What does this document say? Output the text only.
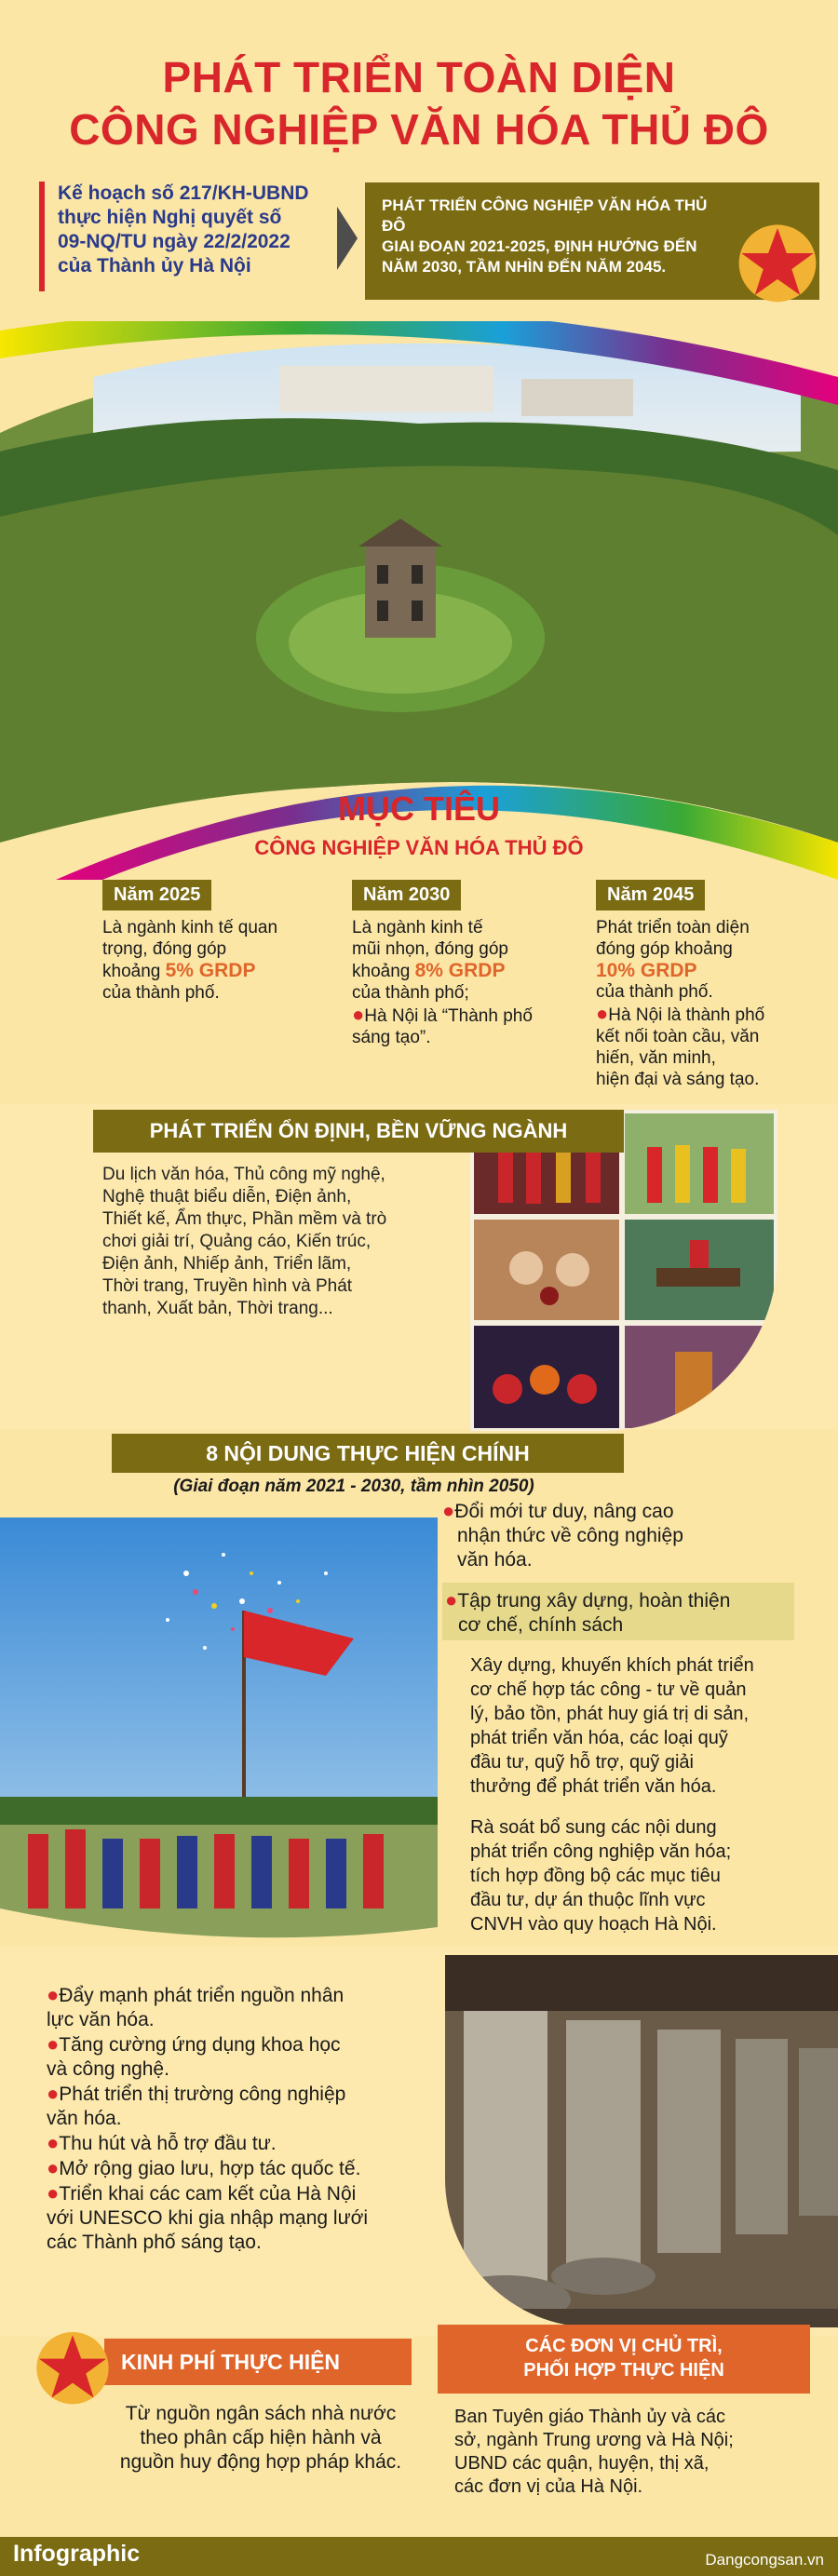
PHÁT TRIỂN TOÀN DIỆN
CÔNG NGHIỆP VĂN HÓA THỦ ĐÔ
Kế hoạch số 217/KH-UBND
thực hiện Nghị quyết số
09-NQ/TU ngày 22/2/2022
của Thành ủy Hà Nội
PHÁT TRIỂN CÔNG NGHIỆP VĂN HÓA THỦ ĐÔ
GIAI ĐOẠN 2021-2025, ĐỊNH HƯỚNG ĐẾN
NĂM 2030, TẦM NHÌN ĐẾN NĂM 2045.
MỤC TIÊU
CÔNG NGHIỆP VĂN HÓA THỦ ĐÔ
Năm 2025
Là ngành kinh tế quan
trọng, đóng góp
khoảng 5% GRDP
của thành phố.
Năm 2030
Là ngành kinh tế
mũi nhọn, đóng góp
khoảng 8% GRDP
của thành phố;
●Hà Nội là “Thành phố
sáng tạo”.
Năm 2045
Phát triển toàn diện
đóng góp khoảng
10% GRDP
của thành phố.
●Hà Nội là thành phố
kết nối toàn cầu, văn
hiến, văn minh,
hiện đại và sáng tạo.
PHÁT TRIỂN ỔN ĐỊNH, BỀN VỮNG NGÀNH
Du lịch văn hóa, Thủ công mỹ nghệ,
Nghệ thuật biểu diễn, Điện ảnh,
Thiết kế, Ẩm thực, Phần mềm và trò
chơi giải trí, Quảng cáo, Kiến trúc,
Điện ảnh, Nhiếp ảnh, Triển lãm,
Thời trang, Truyền hình và Phát
thanh, Xuất bản, Thời trang...
8 NỘI DUNG THỰC HIỆN CHÍNH
(Giai đoạn năm 2021 - 2030, tầm nhìn 2050)
●Đổi mới tư duy, nâng cao
nhận thức về công nghiệp
văn hóa.
●Tập trung xây dựng, hoàn thiện
cơ chế, chính sách
Xây dựng, khuyến khích phát triển
cơ chế hợp tác công - tư về quản
lý, bảo tồn, phát huy giá trị di sản,
phát triển văn hóa, các loại quỹ
đầu tư, quỹ hỗ trợ, quỹ giải
thưởng để phát triển văn hóa.
Rà soát bổ sung các nội dung
phát triển công nghiệp văn hóa;
tích hợp đồng bộ các mục tiêu
đầu tư, dự án thuộc lĩnh vực
CNVH vào quy hoạch Hà Nội.
●Đẩy mạnh phát triển nguồn nhân
lực văn hóa.
●Tăng cường ứng dụng khoa học
và công nghệ.
●Phát triển thị trường công nghiệp
văn hóa.
●Thu hút và hỗ trợ đầu tư.
●Mở rộng giao lưu, hợp tác quốc tế.
●Triển khai các cam kết của Hà Nội
với UNESCO khi gia nhập mạng lưới
các Thành phố sáng tạo.
KINH PHÍ THỰC HIỆN
Từ nguồn ngân sách nhà nước
theo phân cấp hiện hành và
nguồn huy động hợp pháp khác.
CÁC ĐƠN VỊ CHỦ TRÌ,
PHỐI HỢP THỰC HIỆN
Ban Tuyên giáo Thành ủy và các
sở, ngành Trung ương và Hà Nội;
UBND các quận, huyện, thị xã,
các đơn vị của Hà Nội.
Infographic	Dangcongsan.vn
